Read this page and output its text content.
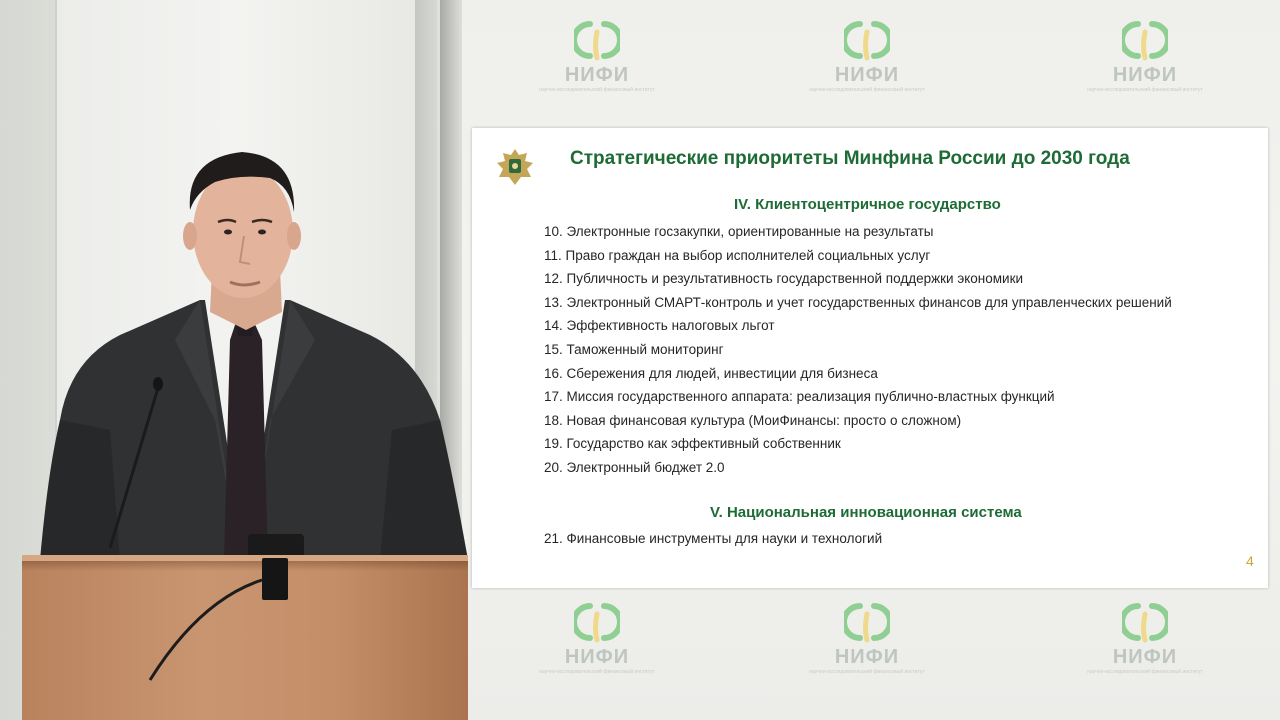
НИФИ
научно-исследовательский финансовый институт
НИФИ
научно-исследовательский финансовый институт
НИФИ
научно-исследовательский финансовый институт
НИФИ
научно-исследовательский финансовый институт
НИФИ
научно-исследовательский финансовый институт
НИФИ
научно-исследовательский финансовый институт
Стратегические приоритеты Минфина России до 2030 года
IV. Клиентоцентричное государство
10. Электронные госзакупки, ориентированные на результаты
11. Право граждан на выбор исполнителей социальных услуг
12. Публичность и результативность государственной поддержки экономики
13. Электронный СМАРТ-контроль и учет государственных финансов для управленческих решений
14. Эффективность налоговых льгот
15. Таможенный мониторинг
16. Сбережения для людей, инвестиции для бизнеса
17. Миссия государственного аппарата: реализация публично-властных функций
18. Новая финансовая культура (МоиФинансы: просто о сложном)
19. Государство как эффективный собственник
20. Электронный бюджет 2.0
V. Национальная инновационная система
21. Финансовые инструменты для науки и технологий
4
